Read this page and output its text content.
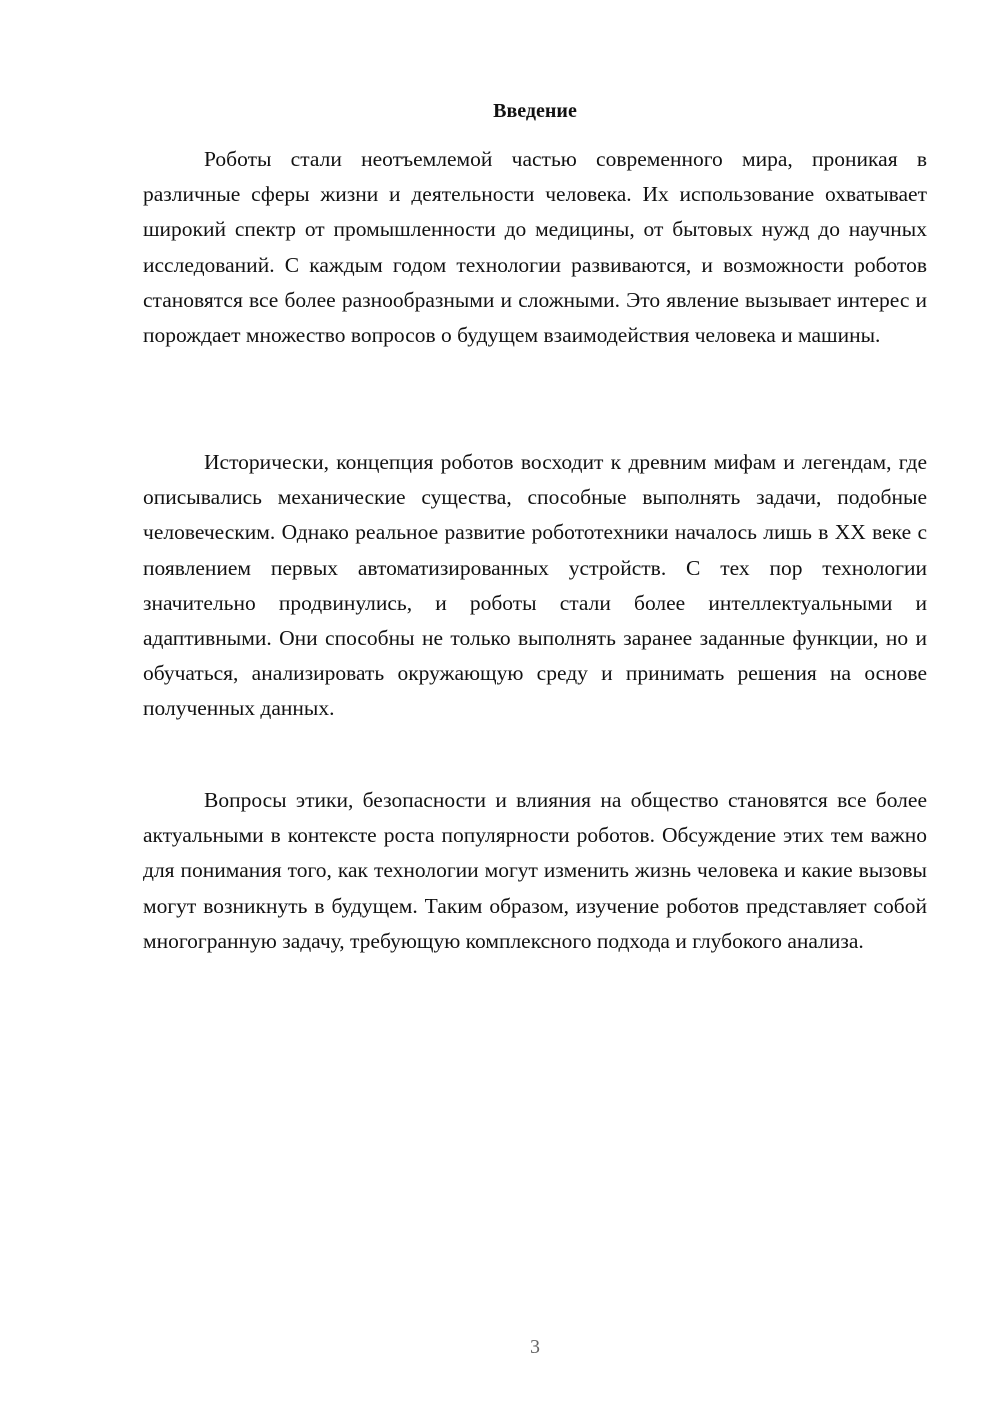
Введение

Роботы стали неотъемлемой частью современного мира, проникая в различные сферы жизни и деятельности человека. Их использование охватывает широкий спектр от промышленности до медицины, от бытовых нужд до научных исследований. С каждым годом технологии развиваются, и возможности роботов становятся все более разнообразными и сложными. Это явление вызывает интерес и порождает множество вопросов о будущем взаимодействия человека и машины.

Исторически, концепция роботов восходит к древним мифам и легендам, где описывались механические существа, способные выполнять задачи, подобные человеческим. Однако реальное развитие робототехники началось лишь в XX веке с появлением первых автоматизированных устройств. С тех пор технологии значительно продвинулись, и роботы стали более интеллектуальными и адаптивными. Они способны не только выполнять заранее заданные функции, но и обучаться, анализировать окружающую среду и принимать решения на основе полученных данных.

Вопросы этики, безопасности и влияния на общество становятся все более актуальными в контексте роста популярности роботов. Обсуждение этих тем важно для понимания того, как технологии могут изменить жизнь человека и какие вызовы могут возникнуть в будущем. Таким образом, изучение роботов представляет собой многогранную задачу, требующую комплексного подхода и глубокого анализа.

3
